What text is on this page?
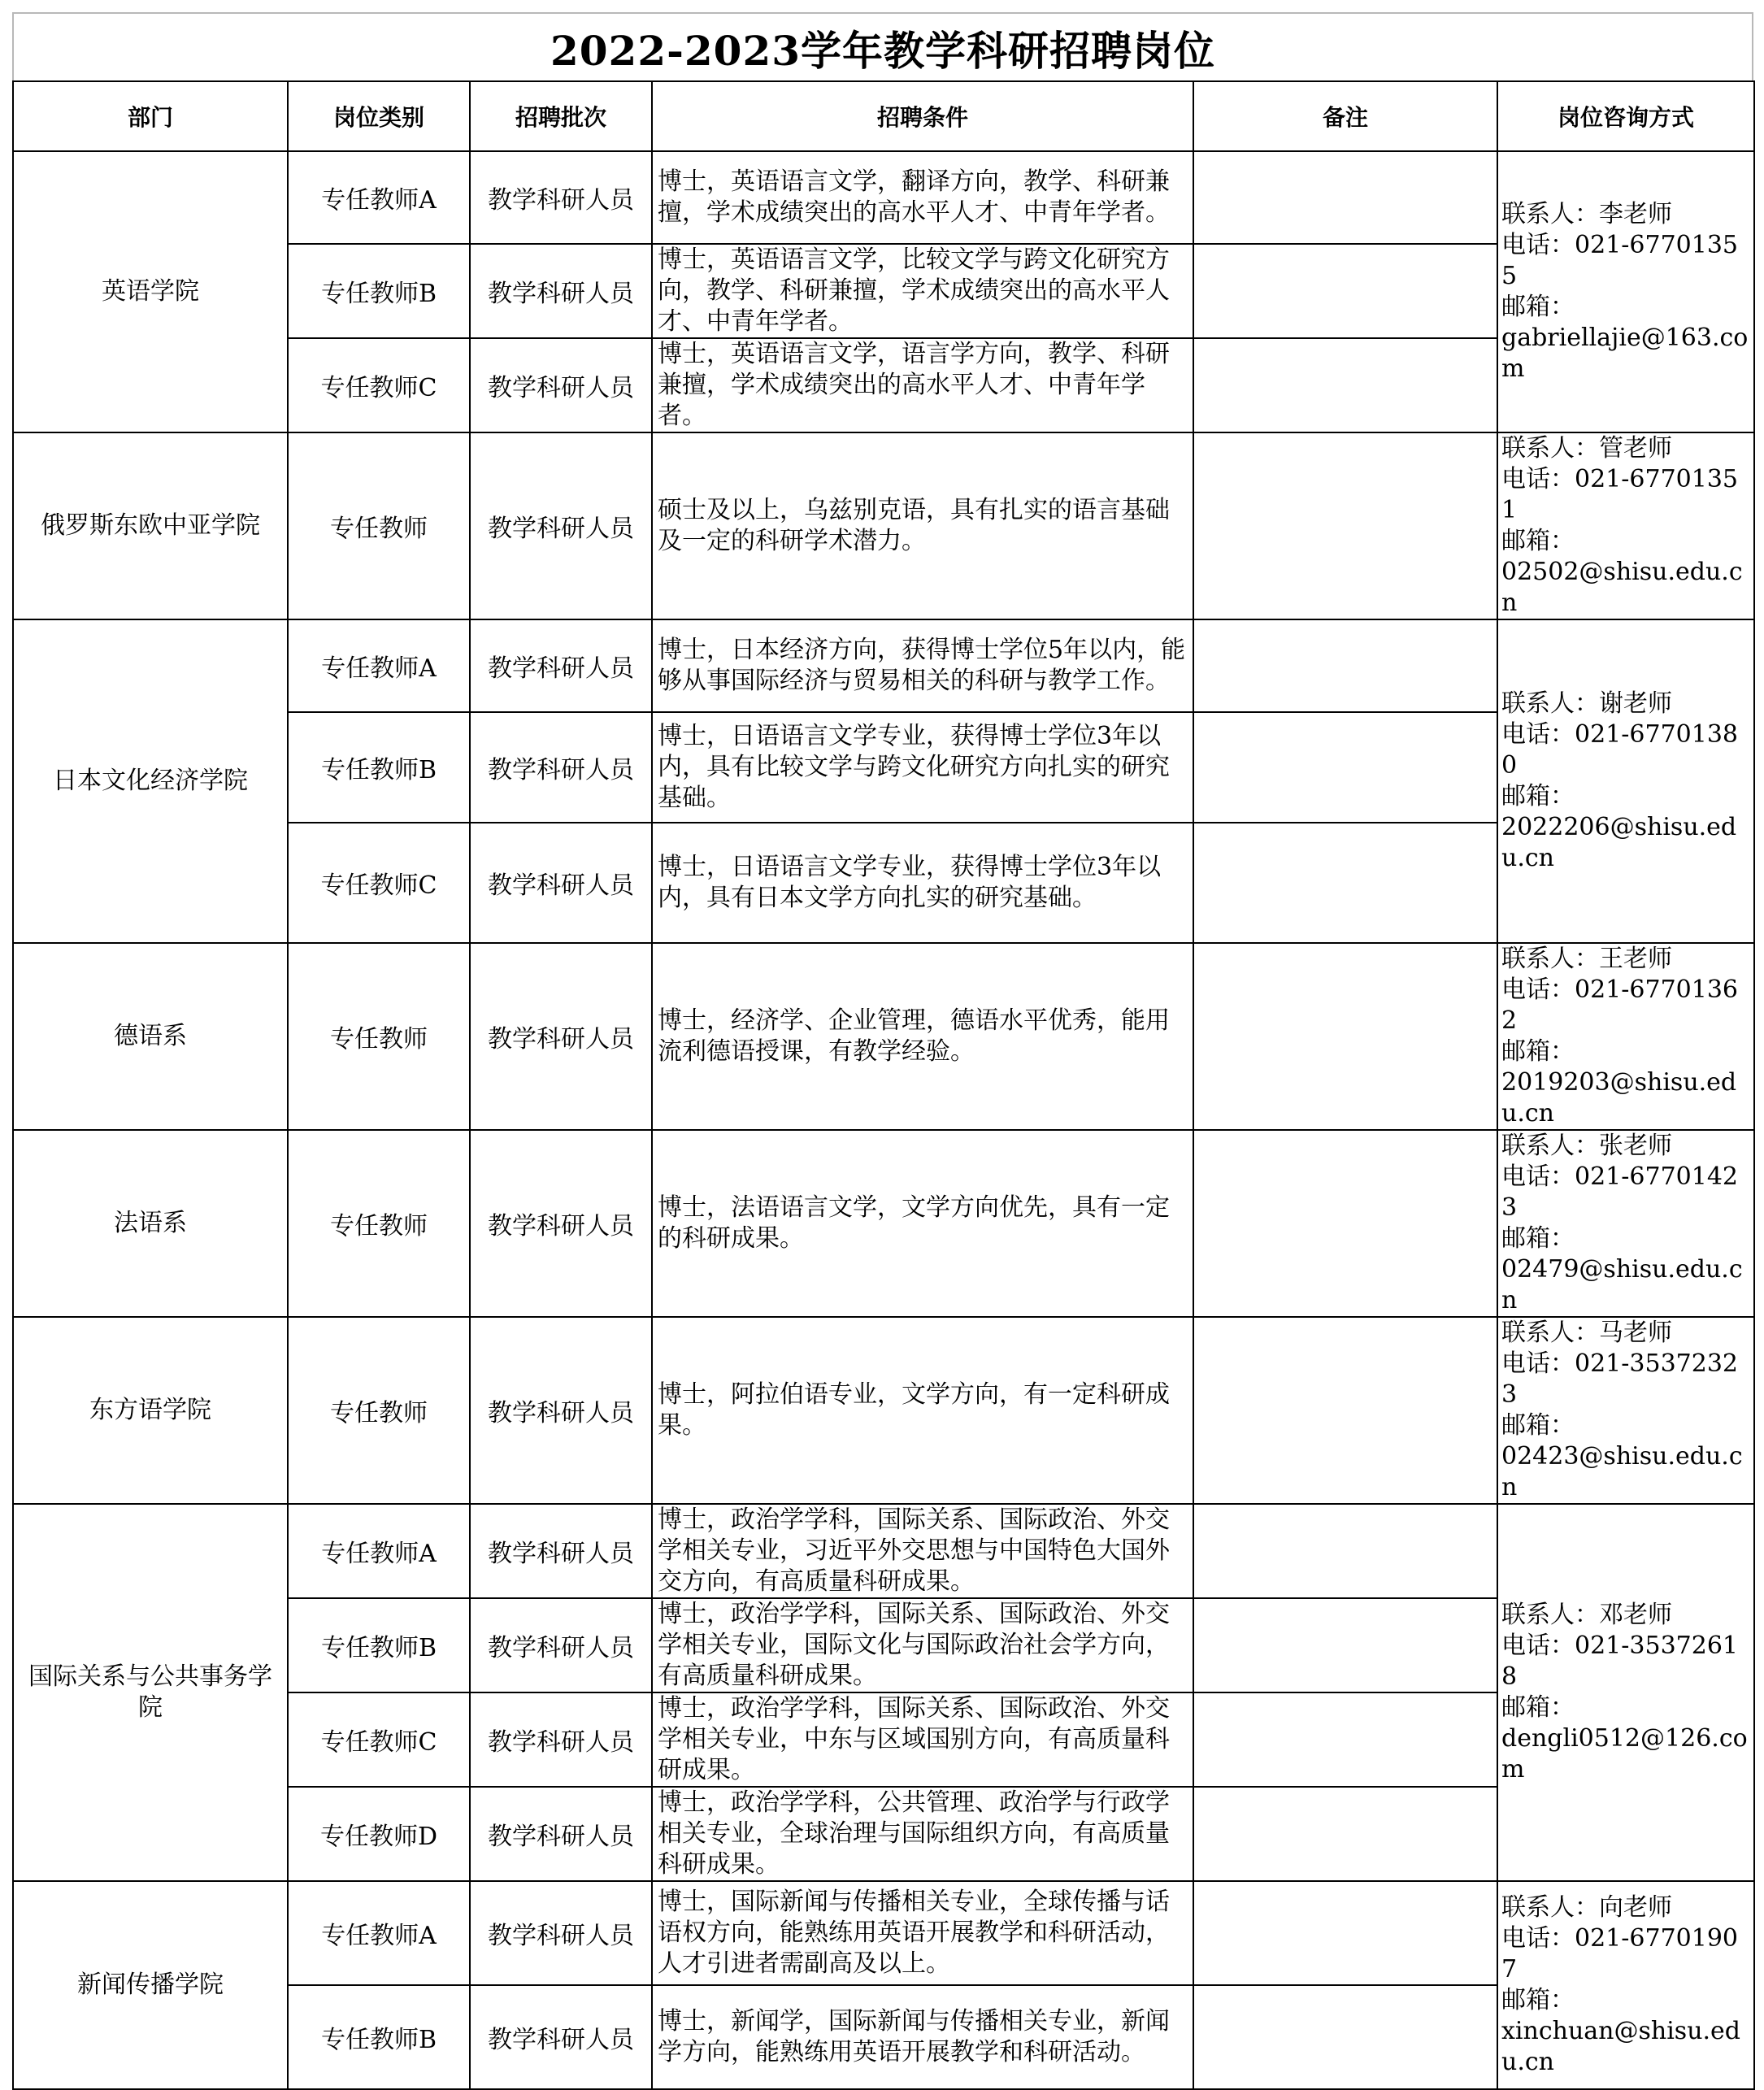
2022-2023学年教学科研招聘岗位
部门	岗位类别	招聘批次	招聘条件	备注	岗位咨询方式
英语学院	专任教师A	教学科研人员	博士，英语语言文学，翻译方向，教学、科研兼擅，学术成绩突出的高水平人才、中青年学者。		联系人：李老师
电话：021-67701355
邮箱：
gabriellajie@163.com
	专任教师B	教学科研人员	博士，英语语言文学，比较文学与跨文化研究方向，教学、科研兼擅，学术成绩突出的高水平人才、中青年学者。		
	专任教师C	教学科研人员	博士，英语语言文学，语言学方向，教学、科研兼擅，学术成绩突出的高水平人才、中青年学者。		
俄罗斯东欧中亚学院	专任教师	教学科研人员	硕士及以上，乌兹别克语，具有扎实的语言基础及一定的科研学术潜力。		联系人：管老师
电话：021-67701351
邮箱：
02502@shisu.edu.cn
日本文化经济学院	专任教师A	教学科研人员	博士，日本经济方向，获得博士学位5年以内，能够从事国际经济与贸易相关的科研与教学工作。		联系人：谢老师
电话：021-67701380
邮箱：
2022206@shisu.edu.cn
	专任教师B	教学科研人员	博士，日语语言文学专业，获得博士学位3年以内，具有比较文学与跨文化研究方向扎实的研究基础。		
	专任教师C	教学科研人员	博士，日语语言文学专业，获得博士学位3年以内，具有日本文学方向扎实的研究基础。		
德语系	专任教师	教学科研人员	博士，经济学、企业管理，德语水平优秀，能用流利德语授课，有教学经验。		联系人：王老师
电话：021-67701362
邮箱：
2019203@shisu.edu.cn
法语系	专任教师	教学科研人员	博士，法语语言文学，文学方向优先，具有一定的科研成果。		联系人：张老师
电话：021-67701423
邮箱：
02479@shisu.edu.cn
东方语学院	专任教师	教学科研人员	博士，阿拉伯语专业，文学方向，有一定科研成果。		联系人：马老师
电话：021-35372323
邮箱：
02423@shisu.edu.cn
国际关系与公共事务学院	专任教师A	教学科研人员	博士，政治学学科，国际关系、国际政治、外交学相关专业，习近平外交思想与中国特色大国外交方向，有高质量科研成果。		联系人：邓老师
电话：021-35372618
邮箱：
dengli0512@126.com
	专任教师B	教学科研人员	博士，政治学学科，国际关系、国际政治、外交学相关专业，国际文化与国际政治社会学方向，有高质量科研成果。		
	专任教师C	教学科研人员	博士，政治学学科，国际关系、国际政治、外交学相关专业，中东与区域国别方向，有高质量科研成果。		
	专任教师D	教学科研人员	博士，政治学学科，公共管理、政治学与行政学相关专业，全球治理与国际组织方向，有高质量科研成果。		
新闻传播学院	专任教师A	教学科研人员	博士，国际新闻与传播相关专业，全球传播与话语权方向，能熟练用英语开展教学和科研活动，人才引进者需副高及以上。		联系人：向老师
电话：021-67701907
邮箱：
xinchuan@shisu.edu.cn
	专任教师B	教学科研人员	博士，新闻学，国际新闻与传播相关专业，新闻学方向，能熟练用英语开展教学和科研活动。		
